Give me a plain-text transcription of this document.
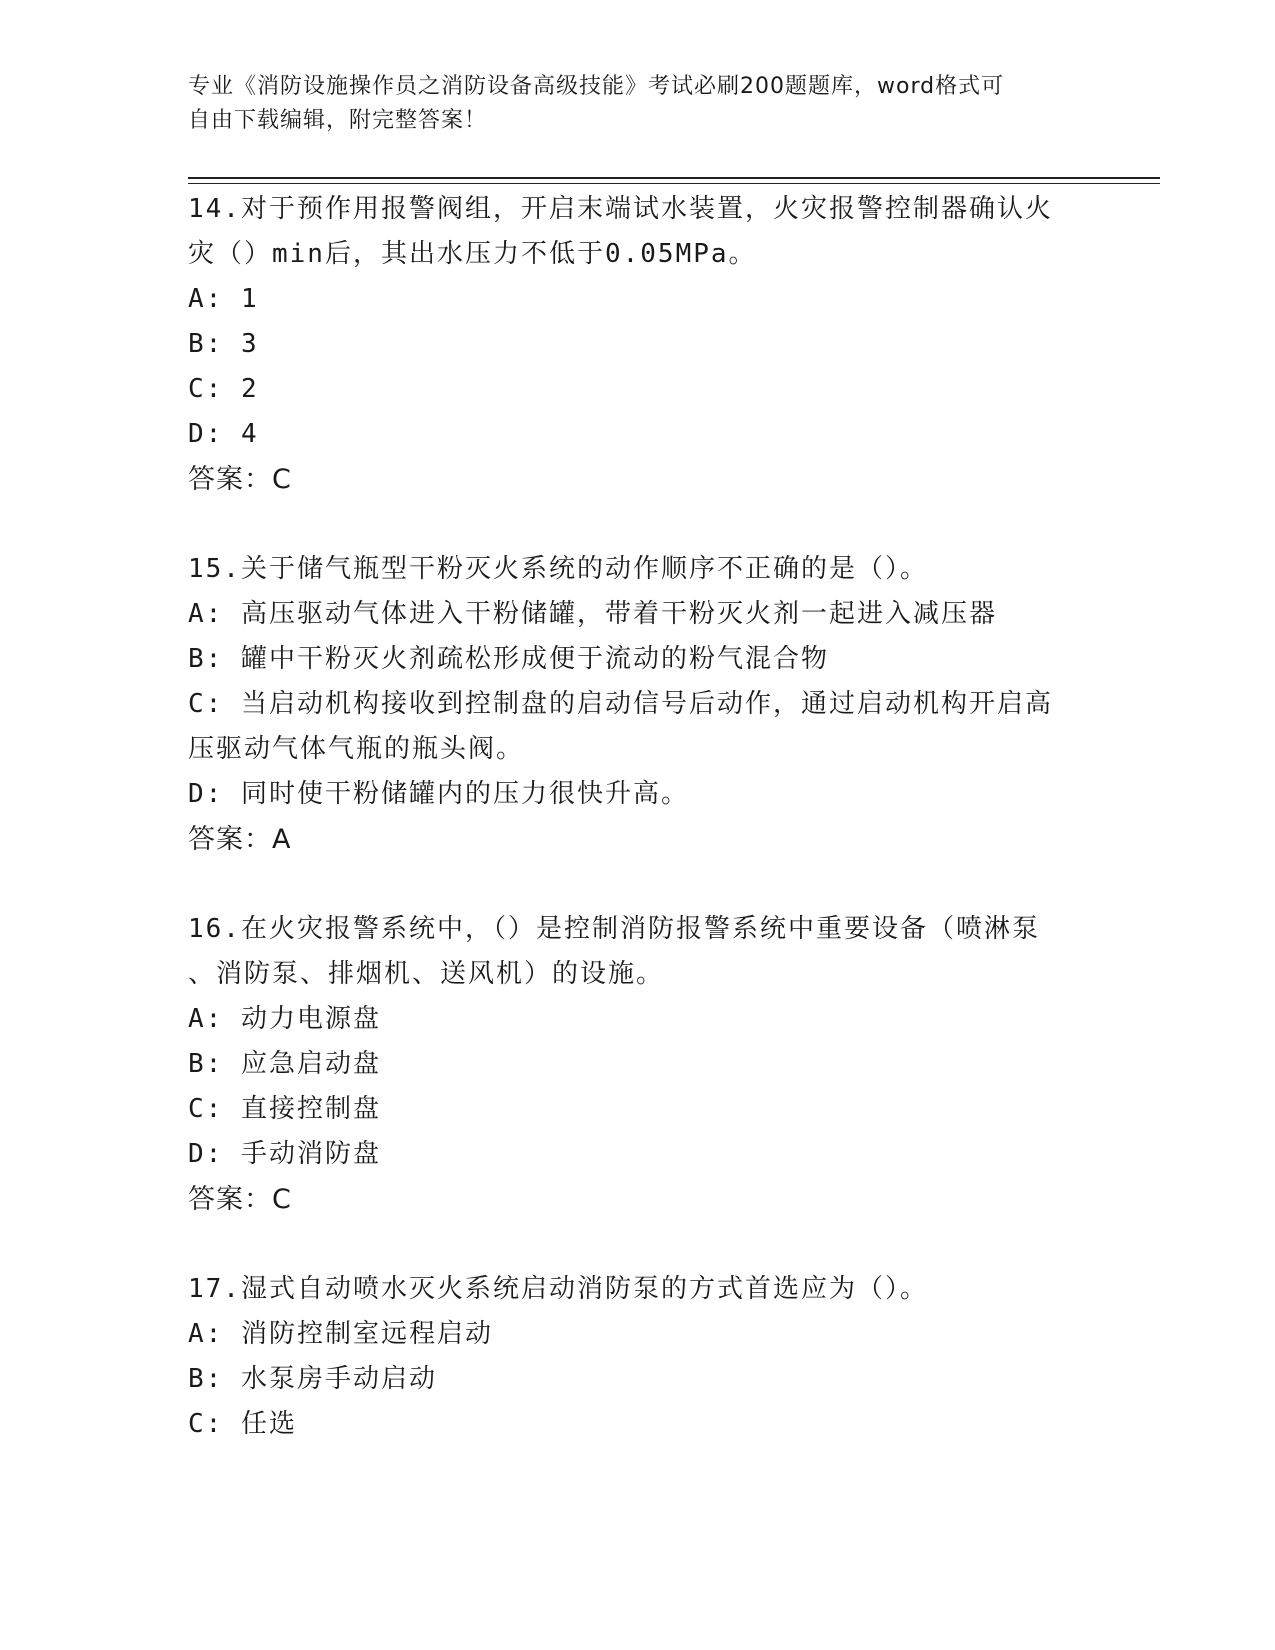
专业《消防设施操作员之消防设备高级技能》考试必刷200题题库，word格式可
自由下载编辑，附完整答案！

14.对于预作用报警阀组，开启末端试水装置，火灾报警控制器确认火

灾（）min后，其出水压力不低于0.05MPa。

A: 1

B: 3

C: 2

D: 4

答案：C

15.关于储气瓶型干粉灭火系统的动作顺序不正确的是（）。

A: 高压驱动气体进入干粉储罐，带着干粉灭火剂一起进入减压器

B: 罐中干粉灭火剂疏松形成便于流动的粉气混合物

C: 当启动机构接收到控制盘的启动信号后动作，通过启动机构开启高

压驱动气体气瓶的瓶头阀。

D: 同时使干粉储罐内的压力很快升高。

答案：A

16.在火灾报警系统中，（）是控制消防报警系统中重要设备（喷淋泵

、消防泵、排烟机、送风机）的设施。

A: 动力电源盘

B: 应急启动盘

C: 直接控制盘

D: 手动消防盘

答案：C

17.湿式自动喷水灭火系统启动消防泵的方式首选应为（）。

A: 消防控制室远程启动

B: 水泵房手动启动

C: 任选
